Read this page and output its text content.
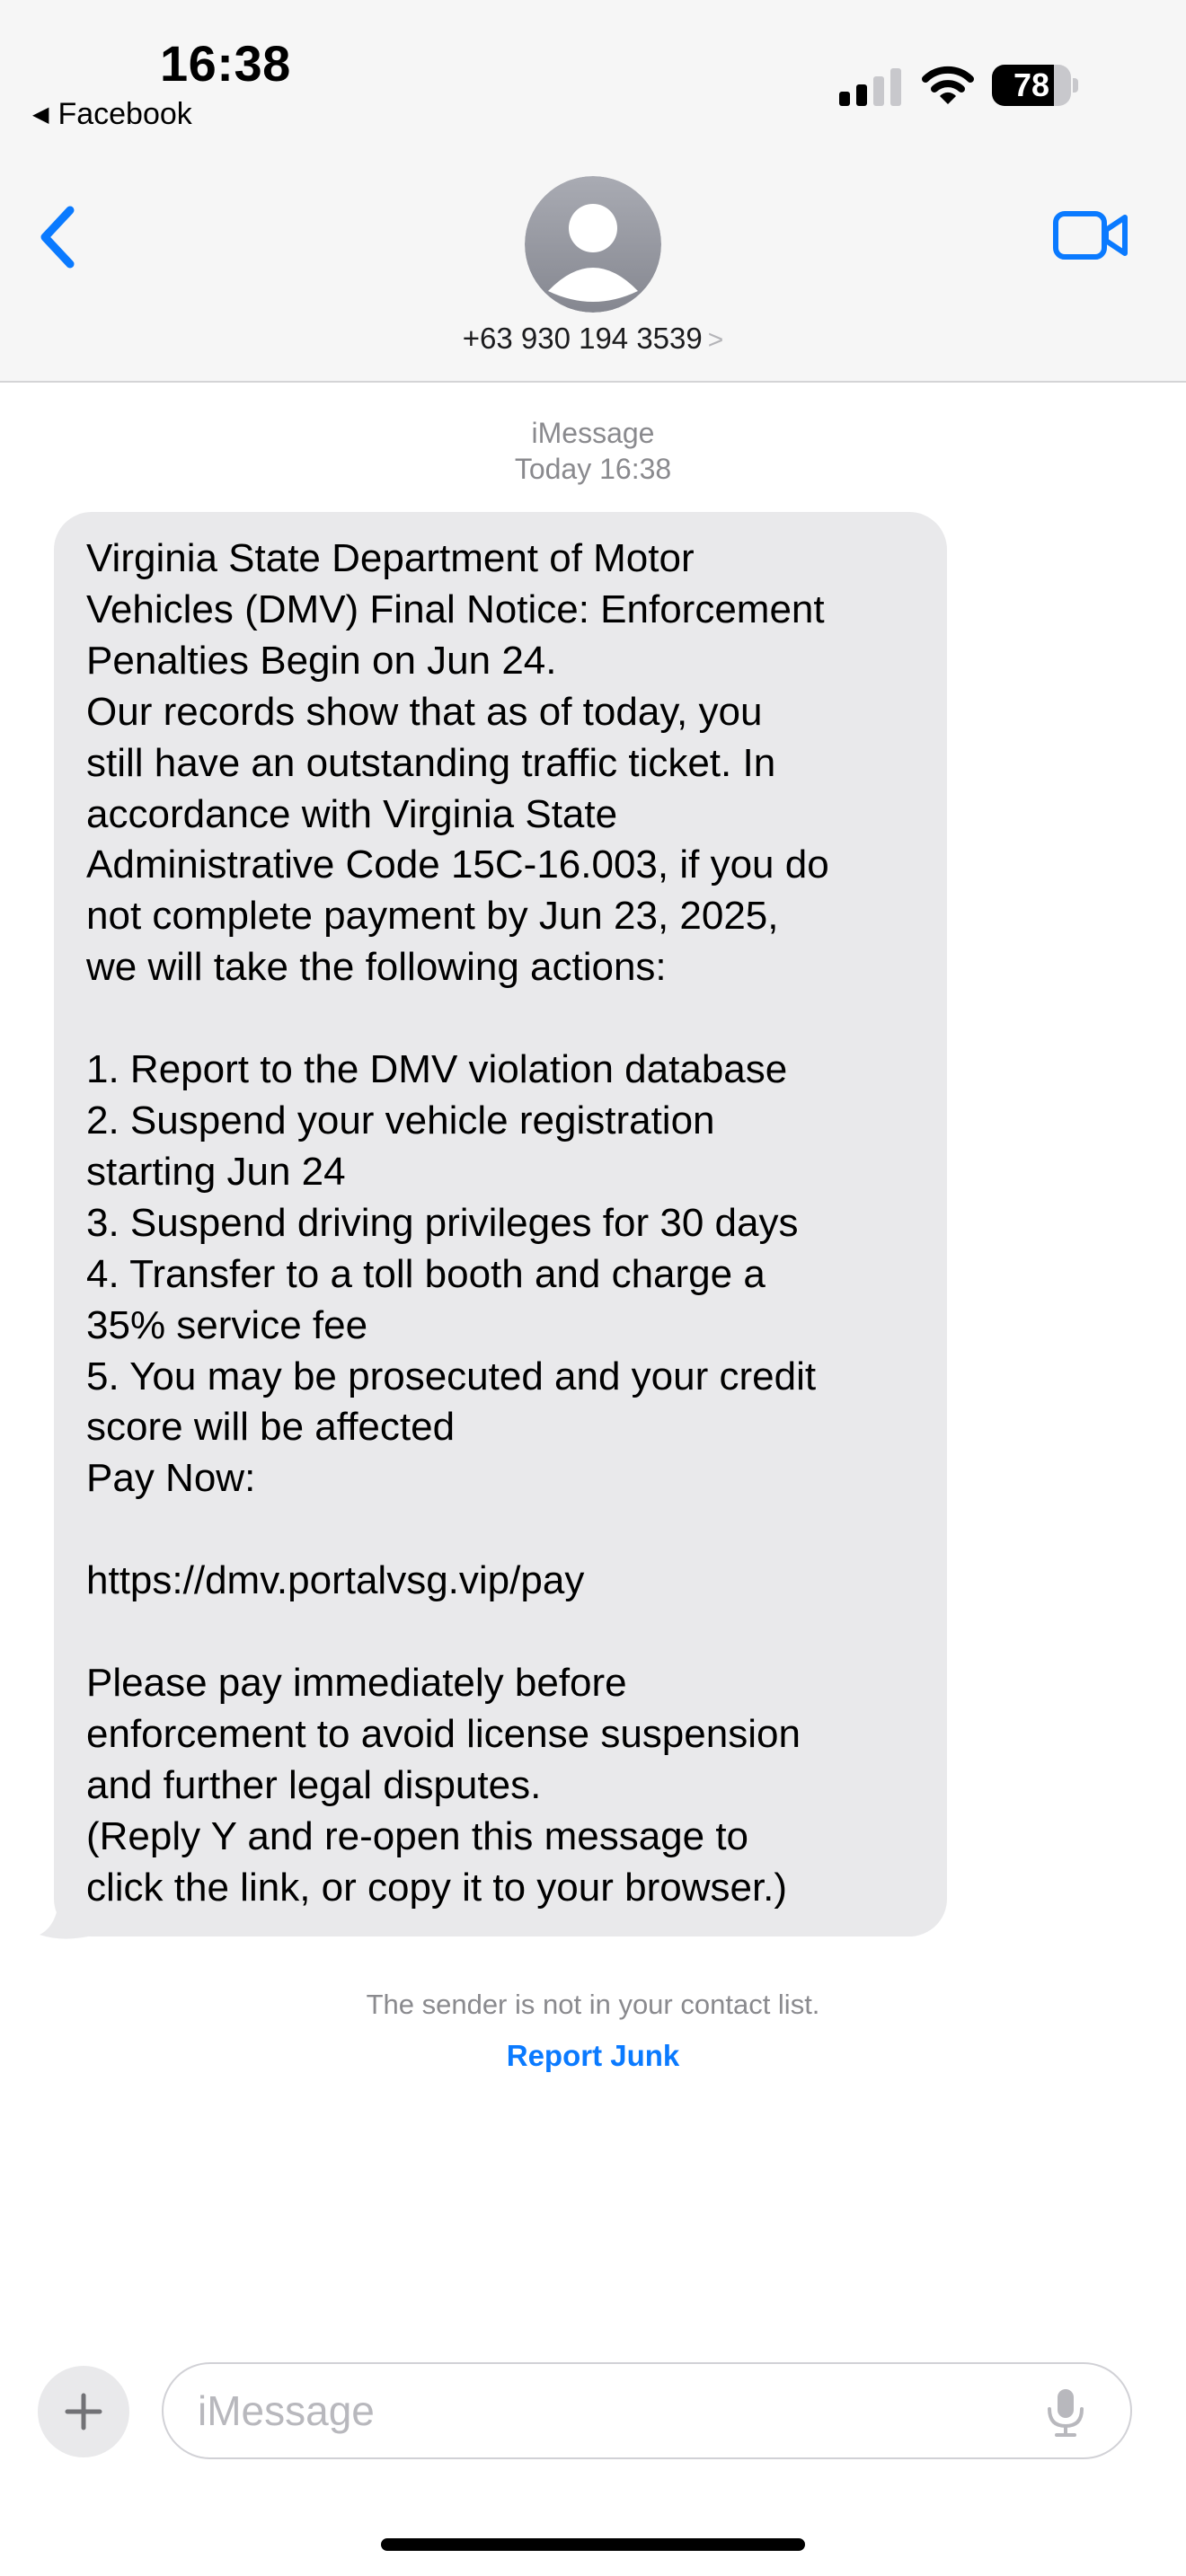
16:38
◀ Facebook
78
+63 930 194 3539 >
iMessage
Today 16:38

Virginia State Department of Motor
Vehicles (DMV) Final Notice: Enforcement
Penalties Begin on Jun 24.
Our records show that as of today, you
still have an outstanding traffic ticket. In
accordance with Virginia State
Administrative Code 15C-16.003, if you do
not complete payment by Jun 23, 2025,
we will take the following actions:

1. Report to the DMV violation database
2. Suspend your vehicle registration
starting Jun 24
3. Suspend driving privileges for 30 days
4. Transfer to a toll booth and charge a
35% service fee
5. You may be prosecuted and your credit
score will be affected
Pay Now:

https://dmv.portalvsg.vip/pay

Please pay immediately before
enforcement to avoid license suspension
and further legal disputes.
(Reply Y and re-open this message to
click the link, or copy it to your browser.)

The sender is not in your contact list.
Report Junk
iMessage
